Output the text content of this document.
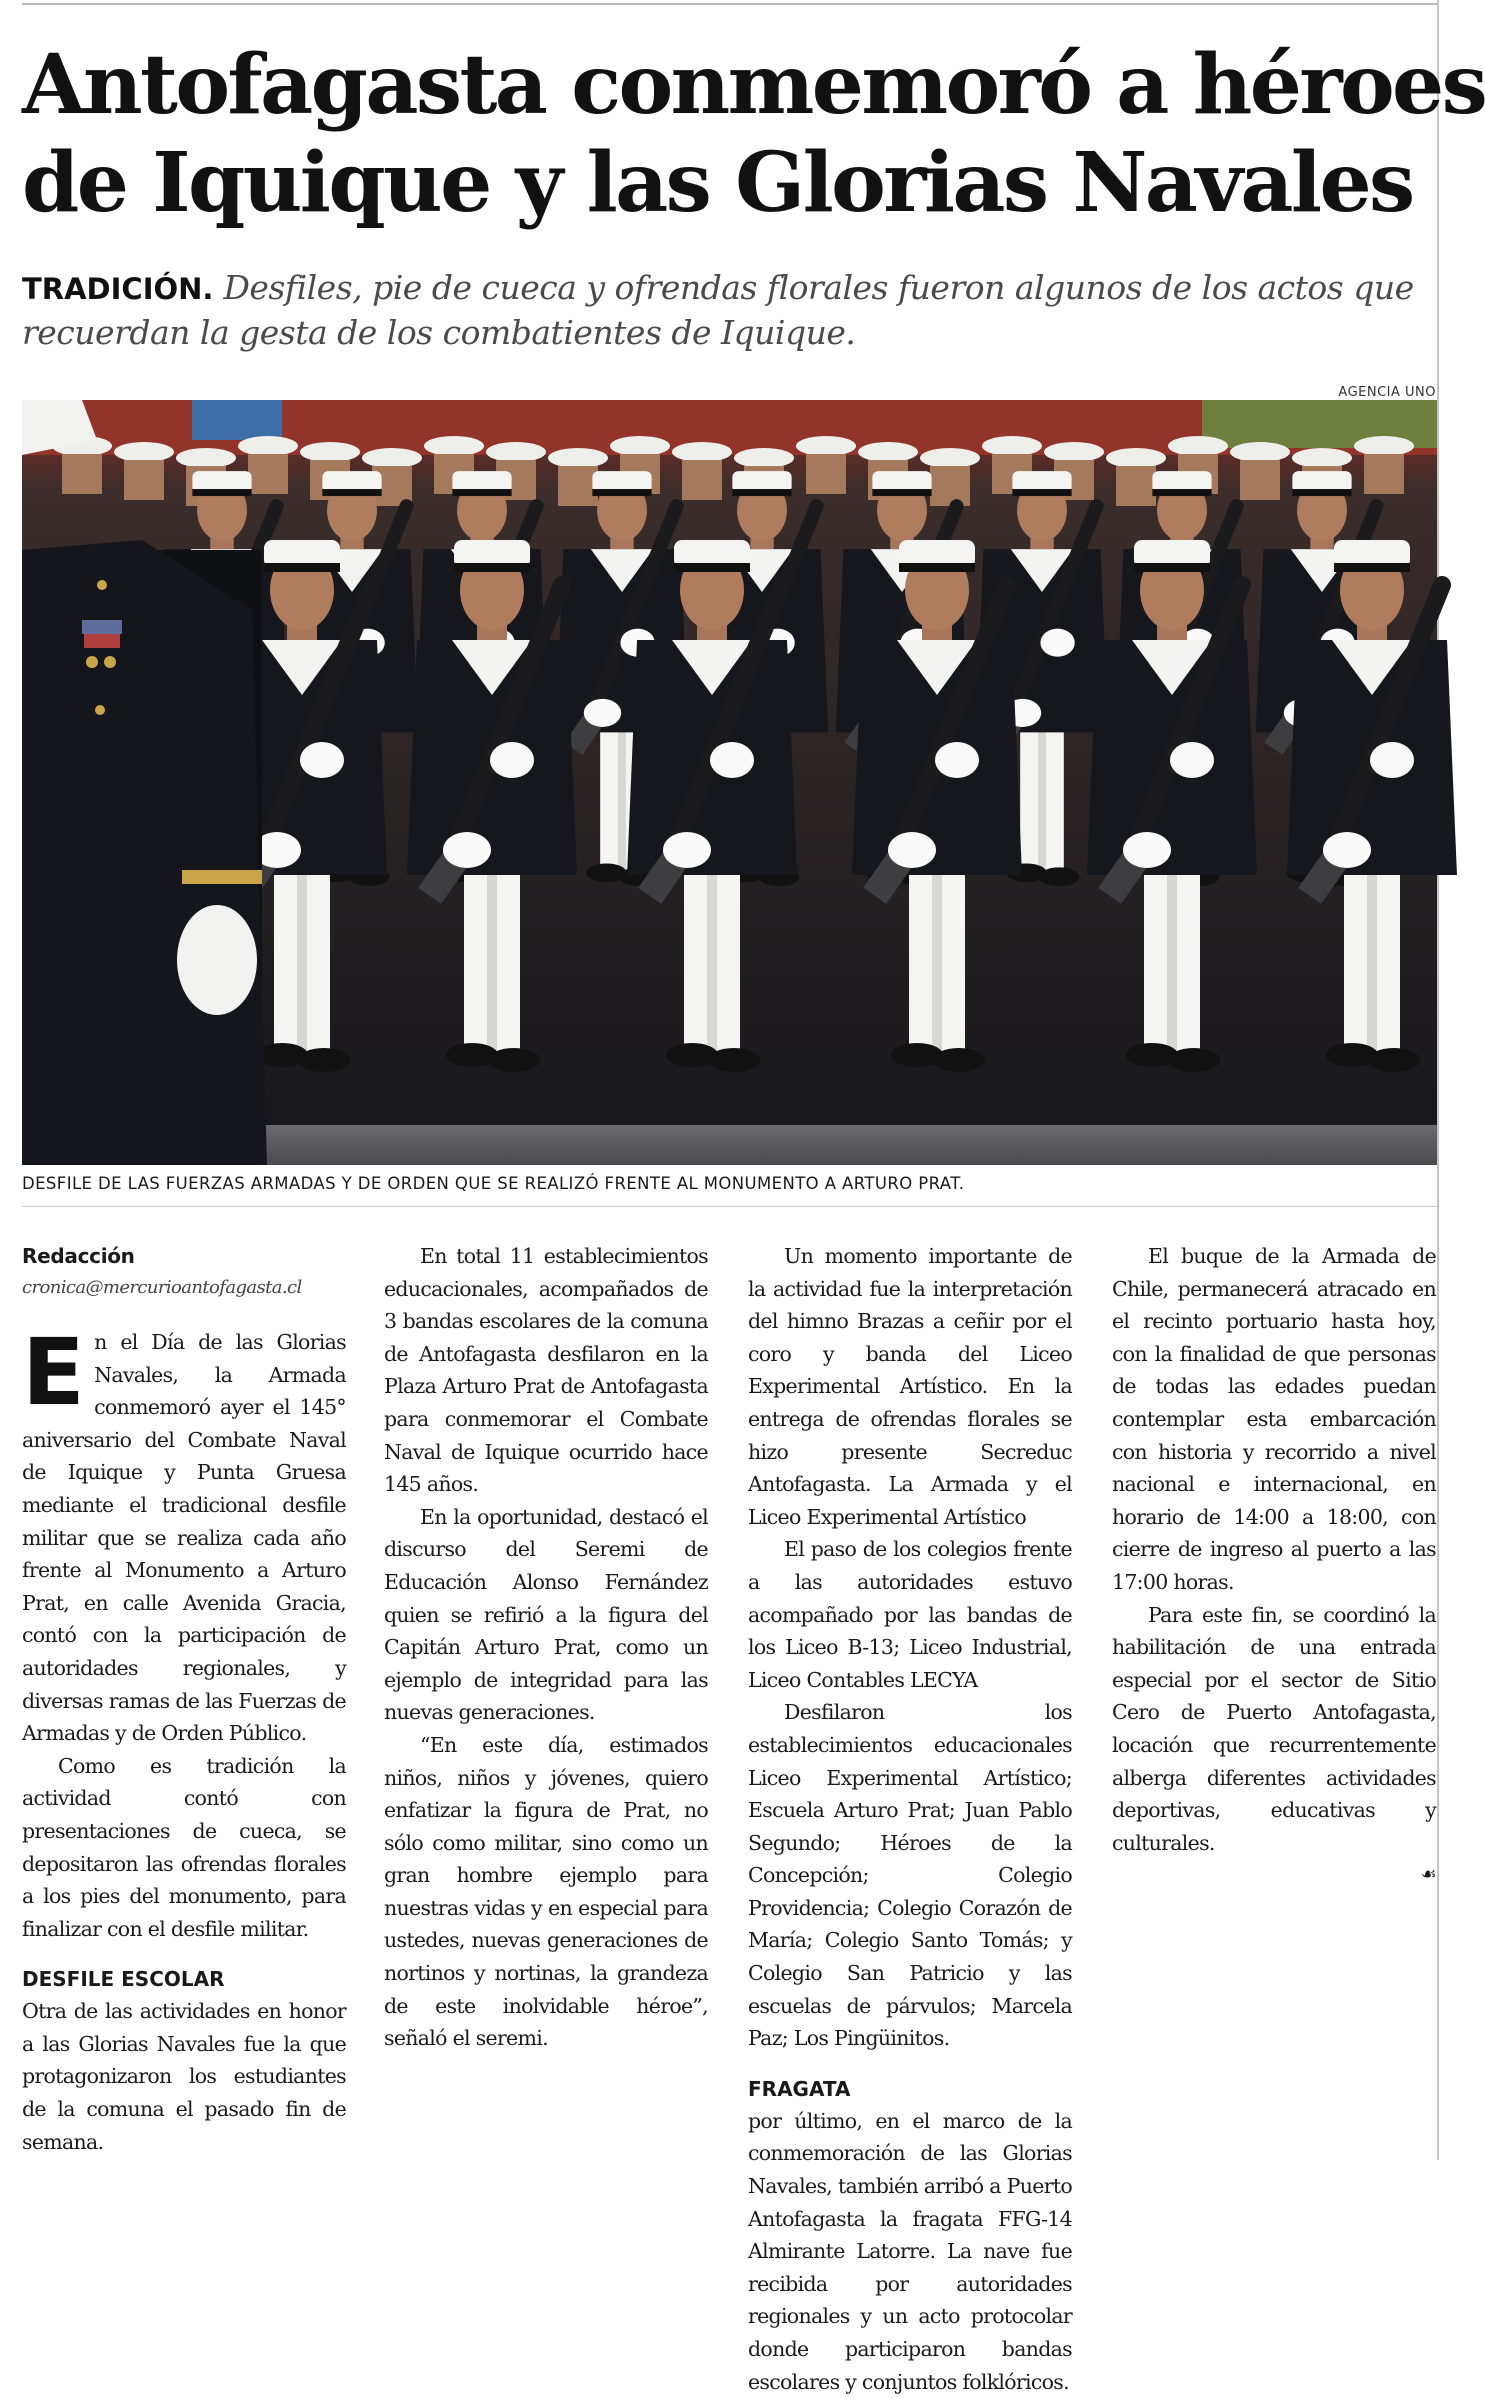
Antofagasta conmemoró a héroes
de Iquique y las Glorias Navales
TRADICIÓN. Desfiles, pie de cueca y ofrendas florales fueron algunos de los actos que recuerdan la gesta de los combatientes de Iquique.
AGENCIA UNO
DESFILE DE LAS FUERZAS ARMADAS Y DE ORDEN QUE SE REALIZÓ FRENTE AL MONUMENTO A ARTURO PRAT.
Redacción
cronica@mercurioantofagasta.cl

En el Día de las Glorias Navales, la Armada conmemoró ayer el 145° aniversario del Combate Naval de Iquique y Punta Gruesa mediante el tradicional desfile militar que se realiza cada año frente al Monumento a Arturo Prat, en calle Avenida Gracia, contó con la participación de autoridades regionales, y diversas ramas de las Fuerzas de Armadas y de Orden Público.

Como es tradición la actividad contó con presentaciones de cueca, se depositaron las ofrendas florales a los pies del monumento, para finalizar con el desfile militar.

DESFILE ESCOLAR

Otra de las actividades en honor a las Glorias Navales fue la que protagonizaron los estudiantes de la comuna el pasado fin de semana.

En total 11 establecimientos educacionales, acompañados de 3 bandas escolares de la comuna de Antofagasta desfilaron en la Plaza Arturo Prat de Antofagasta para conmemorar el Combate Naval de Iquique ocurrido hace 145 años.

En la oportunidad, destacó el discurso del Seremi de Educación Alonso Fernández quien se refirió a la figura del Capitán Arturo Prat, como un ejemplo de integridad para las nuevas generaciones.

“En este día, estimados niños, niños y jóvenes, quiero enfatizar la figura de Prat, no sólo como militar, sino como un gran hombre ejemplo para nuestras vidas y en especial para ustedes, nuevas generaciones de nortinos y nortinas, la grandeza de este inolvidable héroe”, señaló el seremi.

Un momento importante de la actividad fue la interpretación del himno Brazas a ceñir por el coro y banda del Liceo Experimental Artístico. En la entrega de ofrendas florales se hizo presente Secreduc Antofagasta. La Armada y el Liceo Experimental Artístico

El paso de los colegios frente a las autoridades estuvo acompañado por las bandas de los Liceo B-13; Liceo Industrial, Liceo Contables LECYA

Desfilaron los establecimientos educacionales Liceo Experimental Artístico; Escuela Arturo Prat; Juan Pablo Segundo; Héroes de la Concepción; Colegio Providencia; Colegio Corazón de María; Colegio Santo Tomás; y Colegio San Patricio y las escuelas de párvulos; Marcela Paz; Los Pingüinitos.

FRAGATA

por último, en el marco de la conmemoración de las Glorias Navales, también arribó a Puerto Antofagasta la fragata FFG-14 Almirante Latorre. La nave fue recibida por autoridades regionales y un acto protocolar donde participaron bandas escolares y conjuntos folklóricos.

El buque de la Armada de Chile, permanecerá atracado en el recinto portuario hasta hoy, con la finalidad de que personas de todas las edades puedan contemplar esta embarcación con historia y recorrido a nivel nacional e internacional, en horario de 14:00 a 18:00, con cierre de ingreso al puerto a las 17:00 horas.

Para este fin, se coordinó la habilitación de una entrada especial por el sector de Sitio Cero de Puerto Antofagasta, locación que recurrentemente alberga diferentes actividades deportivas, educativas y culturales.

☙
